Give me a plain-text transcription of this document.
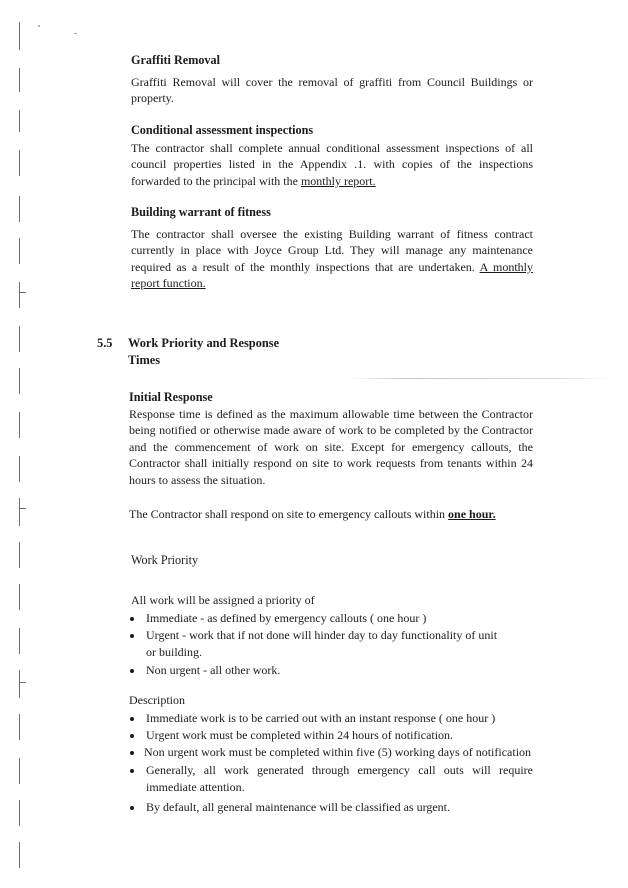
Graffiti Removal

Graffiti Removal will cover the removal of graffiti from Council Buildings or property.

Conditional assessment inspections

The contractor shall complete annual conditional assessment inspections of all council properties listed in the Appendix .1. with copies of the inspections forwarded to the principal with the monthly report.

Building warrant of fitness

The contractor shall oversee the existing Building warrant of fitness contract currently in place with Joyce Group Ltd. They will manage any maintenance required as a result of the monthly inspections that are undertaken. A monthly report function.

5.5 Work Priority and Response
Times

Initial Response

Response time is defined as the maximum allowable time between the Contractor being notified or otherwise made aware of work to be completed by the Contractor and the commencement of work on site. Except for emergency callouts, the Contractor shall initially respond on site to work requests from tenants within 24 hours to assess the situation.

The Contractor shall respond on site to emergency callouts within one hour.

Work Priority

All work will be assigned a priority of

Immediate - as defined by emergency callouts ( one hour )
Urgent - work that if not done will hinder day to day functionality of unit or building.
Non urgent - all other work.

Description

Immediate work is to be carried out with an instant response ( one hour )
Urgent work must be completed within 24 hours of notification.
Non urgent work must be completed within five (5) working days of notification
Generally, all work generated through emergency call outs will require immediate attention.
By default, all general maintenance will be classified as urgent.
